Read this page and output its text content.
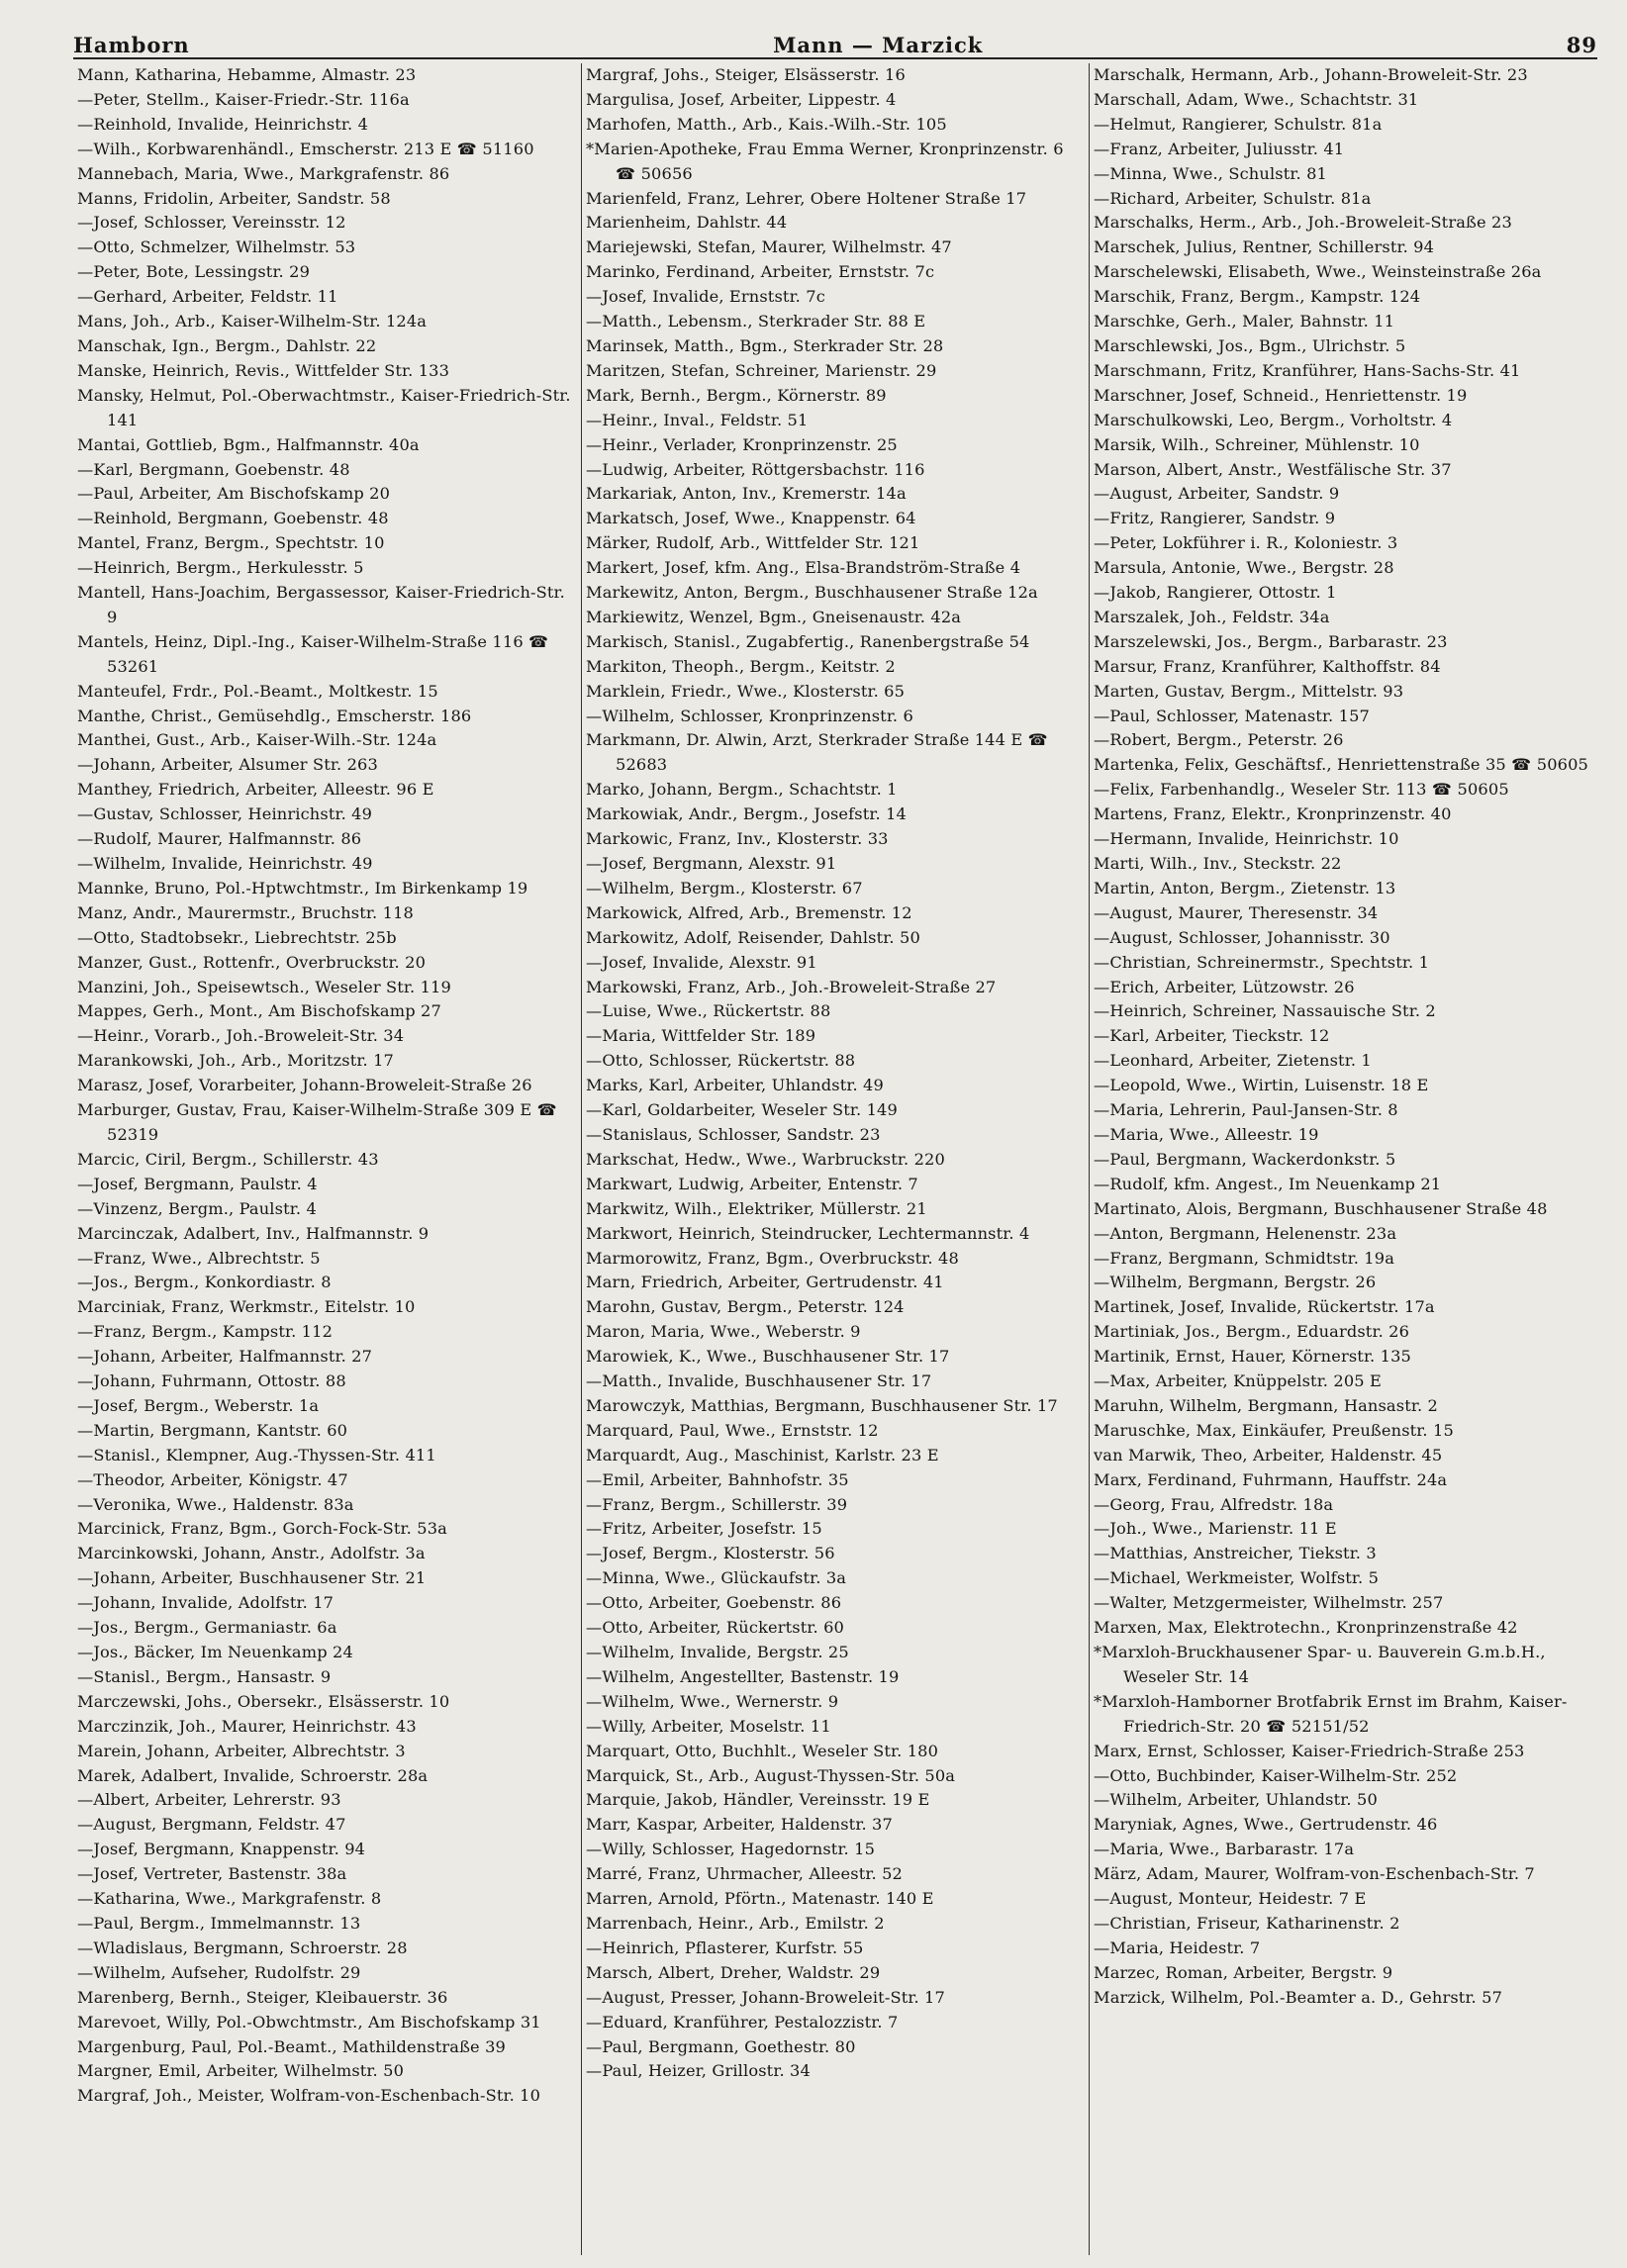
Hamborn	Mann — Marzick	89
Mann, Katharina, Hebamme, Almastr. 23
—Peter, Stellm., Kaiser-Friedr.-Str. 116a
—Reinhold, Invalide, Heinrichstr. 4
—Wilh., Korbwarenhändl., Emscherstr. 213 E ☎ 51160
Mannebach, Maria, Wwe., Markgrafenstr. 86
Manns, Fridolin, Arbeiter, Sandstr. 58
—Josef, Schlosser, Vereinsstr. 12
—Otto, Schmelzer, Wilhelmstr. 53
—Peter, Bote, Lessingstr. 29
—Gerhard, Arbeiter, Feldstr. 11
Mans, Joh., Arb., Kaiser-Wilhelm-Str. 124a
Manschak, Ign., Bergm., Dahlstr. 22
Manske, Heinrich, Revis., Wittfelder Str. 133
Mansky, Helmut, Pol.-Oberwachtmstr., Kaiser-Friedrich-Str. 141
Mantai, Gottlieb, Bgm., Halfmannstr. 40a
—Karl, Bergmann, Goebenstr. 48
—Paul, Arbeiter, Am Bischofskamp 20
—Reinhold, Bergmann, Goebenstr. 48
Mantel, Franz, Bergm., Spechtstr. 10
—Heinrich, Bergm., Herkulesstr. 5
Mantell, Hans-Joachim, Bergassessor, Kaiser-Friedrich-Str. 9
Mantels, Heinz, Dipl.-Ing., Kaiser-Wilhelm-Straße 116 ☎ 53261
Manteufel, Frdr., Pol.-Beamt., Moltkestr. 15
Manthe, Christ., Gemüsehdlg., Emscherstr. 186
Manthei, Gust., Arb., Kaiser-Wilh.-Str. 124a
—Johann, Arbeiter, Alsumer Str. 263
Manthey, Friedrich, Arbeiter, Alleestr. 96 E
—Gustav, Schlosser, Heinrichstr. 49
—Rudolf, Maurer, Halfmannstr. 86
—Wilhelm, Invalide, Heinrichstr. 49
Mannke, Bruno, Pol.-Hptwchtmstr., Im Birkenkamp 19
Manz, Andr., Maurermstr., Bruchstr. 118
—Otto, Stadtobsekr., Liebrechtstr. 25b
Manzer, Gust., Rottenfr., Overbruckstr. 20
Manzini, Joh., Speisewtsch., Weseler Str. 119
Mappes, Gerh., Mont., Am Bischofskamp 27
—Heinr., Vorarb., Joh.-Broweleit-Str. 34
Marankowski, Joh., Arb., Moritzstr. 17
Marasz, Josef, Vorarbeiter, Johann-Broweleit-Straße 26
Marburger, Gustav, Frau, Kaiser-Wilhelm-Straße 309 E ☎ 52319
Marcic, Ciril, Bergm., Schillerstr. 43
—Josef, Bergmann, Paulstr. 4
—Vinzenz, Bergm., Paulstr. 4
Marcinczak, Adalbert, Inv., Halfmannstr. 9
—Franz, Wwe., Albrechtstr. 5
—Jos., Bergm., Konkordiastr. 8
Marciniak, Franz, Werkmstr., Eitelstr. 10
—Franz, Bergm., Kampstr. 112
—Johann, Arbeiter, Halfmannstr. 27
—Johann, Fuhrmann, Ottostr. 88
—Josef, Bergm., Weberstr. 1a
—Martin, Bergmann, Kantstr. 60
—Stanisl., Klempner, Aug.-Thyssen-Str. 411
—Theodor, Arbeiter, Königstr. 47
—Veronika, Wwe., Haldenstr. 83a
Marcinick, Franz, Bgm., Gorch-Fock-Str. 53a
Marcinkowski, Johann, Anstr., Adolfstr. 3a
—Johann, Arbeiter, Buschhausener Str. 21
—Johann, Invalide, Adolfstr. 17
—Jos., Bergm., Germaniastr. 6a
—Jos., Bäcker, Im Neuenkamp 24
—Stanisl., Bergm., Hansastr. 9
Marczewski, Johs., Obersekr., Elsässerstr. 10
Marczinzik, Joh., Maurer, Heinrichstr. 43
Marein, Johann, Arbeiter, Albrechtstr. 3
Marek, Adalbert, Invalide, Schroerstr. 28a
—Albert, Arbeiter, Lehrerstr. 93
—August, Bergmann, Feldstr. 47
—Josef, Bergmann, Knappenstr. 94
—Josef, Vertreter, Bastenstr. 38a
—Katharina, Wwe., Markgrafenstr. 8
—Paul, Bergm., Immelmannstr. 13
—Wladislaus, Bergmann, Schroerstr. 28
—Wilhelm, Aufseher, Rudolfstr. 29
Marenberg, Bernh., Steiger, Kleibauerstr. 36
Marevoet, Willy, Pol.-Obwchtmstr., Am Bischofskamp 31
Margenburg, Paul, Pol.-Beamt., Mathildenstraße 39
Margner, Emil, Arbeiter, Wilhelmstr. 50
Margraf, Joh., Meister, Wolfram-von-Eschenbach-Str. 10
Margraf, Johs., Steiger, Elsässerstr. 16
Margulisa, Josef, Arbeiter, Lippestr. 4
Marhofen, Matth., Arb., Kais.-Wilh.-Str. 105
*Marien-Apotheke, Frau Emma Werner, Kronprinzenstr. 6 ☎ 50656
Marienfeld, Franz, Lehrer, Obere Holtener Straße 17
Marienheim, Dahlstr. 44
Mariejewski, Stefan, Maurer, Wilhelmstr. 47
Marinko, Ferdinand, Arbeiter, Ernststr. 7c
—Josef, Invalide, Ernststr. 7c
—Matth., Lebensm., Sterkrader Str. 88 E
Marinsek, Matth., Bgm., Sterkrader Str. 28
Maritzen, Stefan, Schreiner, Marienstr. 29
Mark, Bernh., Bergm., Körnerstr. 89
—Heinr., Inval., Feldstr. 51
—Heinr., Verlader, Kronprinzenstr. 25
—Ludwig, Arbeiter, Röttgersbachstr. 116
Markariak, Anton, Inv., Kremerstr. 14a
Markatsch, Josef, Wwe., Knappenstr. 64
Märker, Rudolf, Arb., Wittfelder Str. 121
Markert, Josef, kfm. Ang., Elsa-Brandström-Straße 4
Markewitz, Anton, Bergm., Buschhausener Straße 12a
Markiewitz, Wenzel, Bgm., Gneisenaustr. 42a
Markisch, Stanisl., Zugabfertig., Ranenbergstraße 54
Markiton, Theoph., Bergm., Keitstr. 2
Marklein, Friedr., Wwe., Klosterstr. 65
—Wilhelm, Schlosser, Kronprinzenstr. 6
Markmann, Dr. Alwin, Arzt, Sterkrader Straße 144 E ☎ 52683
Marko, Johann, Bergm., Schachtstr. 1
Markowiak, Andr., Bergm., Josefstr. 14
Markowic, Franz, Inv., Klosterstr. 33
—Josef, Bergmann, Alexstr. 91
—Wilhelm, Bergm., Klosterstr. 67
Markowick, Alfred, Arb., Bremenstr. 12
Markowitz, Adolf, Reisender, Dahlstr. 50
—Josef, Invalide, Alexstr. 91
Markowski, Franz, Arb., Joh.-Broweleit-Straße 27
—Luise, Wwe., Rückertstr. 88
—Maria, Wittfelder Str. 189
—Otto, Schlosser, Rückertstr. 88
Marks, Karl, Arbeiter, Uhlandstr. 49
—Karl, Goldarbeiter, Weseler Str. 149
—Stanislaus, Schlosser, Sandstr. 23
Markschat, Hedw., Wwe., Warbruckstr. 220
Markwart, Ludwig, Arbeiter, Entenstr. 7
Markwitz, Wilh., Elektriker, Müllerstr. 21
Markwort, Heinrich, Steindrucker, Lechtermannstr. 4
Marmorowitz, Franz, Bgm., Overbruckstr. 48
Marn, Friedrich, Arbeiter, Gertrudenstr. 41
Marohn, Gustav, Bergm., Peterstr. 124
Maron, Maria, Wwe., Weberstr. 9
Marowiek, K., Wwe., Buschhausener Str. 17
—Matth., Invalide, Buschhausener Str. 17
Marowczyk, Matthias, Bergmann, Buschhausener Str. 17
Marquard, Paul, Wwe., Ernststr. 12
Marquardt, Aug., Maschinist, Karlstr. 23 E
—Emil, Arbeiter, Bahnhofstr. 35
—Franz, Bergm., Schillerstr. 39
—Fritz, Arbeiter, Josefstr. 15
—Josef, Bergm., Klosterstr. 56
—Minna, Wwe., Glückaufstr. 3a
—Otto, Arbeiter, Goebenstr. 86
—Otto, Arbeiter, Rückertstr. 60
—Wilhelm, Invalide, Bergstr. 25
—Wilhelm, Angestellter, Bastenstr. 19
—Wilhelm, Wwe., Wernerstr. 9
—Willy, Arbeiter, Moselstr. 11
Marquart, Otto, Buchhlt., Weseler Str. 180
Marquick, St., Arb., August-Thyssen-Str. 50a
Marquie, Jakob, Händler, Vereinsstr. 19 E
Marr, Kaspar, Arbeiter, Haldenstr. 37
—Willy, Schlosser, Hagedornstr. 15
Marré, Franz, Uhrmacher, Alleestr. 52
Marren, Arnold, Pförtn., Matenastr. 140 E
Marrenbach, Heinr., Arb., Emilstr. 2
—Heinrich, Pflasterer, Kurfstr. 55
Marsch, Albert, Dreher, Waldstr. 29
—August, Presser, Johann-Broweleit-Str. 17
—Eduard, Kranführer, Pestalozzistr. 7
—Paul, Bergmann, Goethestr. 80
—Paul, Heizer, Grillostr. 34
Marschalk, Hermann, Arb., Johann-Broweleit-Str. 23
Marschall, Adam, Wwe., Schachtstr. 31
—Helmut, Rangierer, Schulstr. 81a
—Franz, Arbeiter, Juliusstr. 41
—Minna, Wwe., Schulstr. 81
—Richard, Arbeiter, Schulstr. 81a
Marschalks, Herm., Arb., Joh.-Broweleit-Straße 23
Marschek, Julius, Rentner, Schillerstr. 94
Marschelewski, Elisabeth, Wwe., Weinsteinstraße 26a
Marschik, Franz, Bergm., Kampstr. 124
Marschke, Gerh., Maler, Bahnstr. 11
Marschlewski, Jos., Bgm., Ulrichstr. 5
Marschmann, Fritz, Kranführer, Hans-Sachs-Str. 41
Marschner, Josef, Schneid., Henriettenstr. 19
Marschulkowski, Leo, Bergm., Vorholtstr. 4
Marsik, Wilh., Schreiner, Mühlenstr. 10
Marson, Albert, Anstr., Westfälische Str. 37
—August, Arbeiter, Sandstr. 9
—Fritz, Rangierer, Sandstr. 9
—Peter, Lokführer i. R., Koloniestr. 3
Marsula, Antonie, Wwe., Bergstr. 28
—Jakob, Rangierer, Ottostr. 1
Marszalek, Joh., Feldstr. 34a
Marszelewski, Jos., Bergm., Barbarastr. 23
Marsur, Franz, Kranführer, Kalthoffstr. 84
Marten, Gustav, Bergm., Mittelstr. 93
—Paul, Schlosser, Matenastr. 157
—Robert, Bergm., Peterstr. 26
Martenka, Felix, Geschäftsf., Henriettenstraße 35 ☎ 50605
—Felix, Farbenhandlg., Weseler Str. 113 ☎ 50605
Martens, Franz, Elektr., Kronprinzenstr. 40
—Hermann, Invalide, Heinrichstr. 10
Marti, Wilh., Inv., Steckstr. 22
Martin, Anton, Bergm., Zietenstr. 13
—August, Maurer, Theresenstr. 34
—August, Schlosser, Johannisstr. 30
—Christian, Schreinermstr., Spechtstr. 1
—Erich, Arbeiter, Lützowstr. 26
—Heinrich, Schreiner, Nassauische Str. 2
—Karl, Arbeiter, Tieckstr. 12
—Leonhard, Arbeiter, Zietenstr. 1
—Leopold, Wwe., Wirtin, Luisenstr. 18 E
—Maria, Lehrerin, Paul-Jansen-Str. 8
—Maria, Wwe., Alleestr. 19
—Paul, Bergmann, Wackerdonkstr. 5
—Rudolf, kfm. Angest., Im Neuenkamp 21
Martinato, Alois, Bergmann, Buschhausener Straße 48
—Anton, Bergmann, Helenenstr. 23a
—Franz, Bergmann, Schmidtstr. 19a
—Wilhelm, Bergmann, Bergstr. 26
Martinek, Josef, Invalide, Rückertstr. 17a
Martiniak, Jos., Bergm., Eduardstr. 26
Martinik, Ernst, Hauer, Körnerstr. 135
—Max, Arbeiter, Knüppelstr. 205 E
Maruhn, Wilhelm, Bergmann, Hansastr. 2
Maruschke, Max, Einkäufer, Preußenstr. 15
van Marwik, Theo, Arbeiter, Haldenstr. 45
Marx, Ferdinand, Fuhrmann, Hauffstr. 24a
—Georg, Frau, Alfredstr. 18a
—Joh., Wwe., Marienstr. 11 E
—Matthias, Anstreicher, Tiekstr. 3
—Michael, Werkmeister, Wolfstr. 5
—Walter, Metzgermeister, Wilhelmstr. 257
Marxen, Max, Elektrotechn., Kronprinzenstraße 42
*Marxloh-Bruckhausener Spar- u. Bauverein G.m.b.H., Weseler Str. 14
*Marxloh-Hamborner Brotfabrik Ernst im Brahm, Kaiser-Friedrich-Str. 20 ☎ 52151/52
Marx, Ernst, Schlosser, Kaiser-Friedrich-Straße 253
—Otto, Buchbinder, Kaiser-Wilhelm-Str. 252
—Wilhelm, Arbeiter, Uhlandstr. 50
Maryniak, Agnes, Wwe., Gertrudenstr. 46
—Maria, Wwe., Barbarastr. 17a
März, Adam, Maurer, Wolfram-von-Eschenbach-Str. 7
—August, Monteur, Heidestr. 7 E
—Christian, Friseur, Katharinenstr. 2
—Maria, Heidestr. 7
Marzec, Roman, Arbeiter, Bergstr. 9
Marzick, Wilhelm, Pol.-Beamter a. D., Gehrstr. 57
